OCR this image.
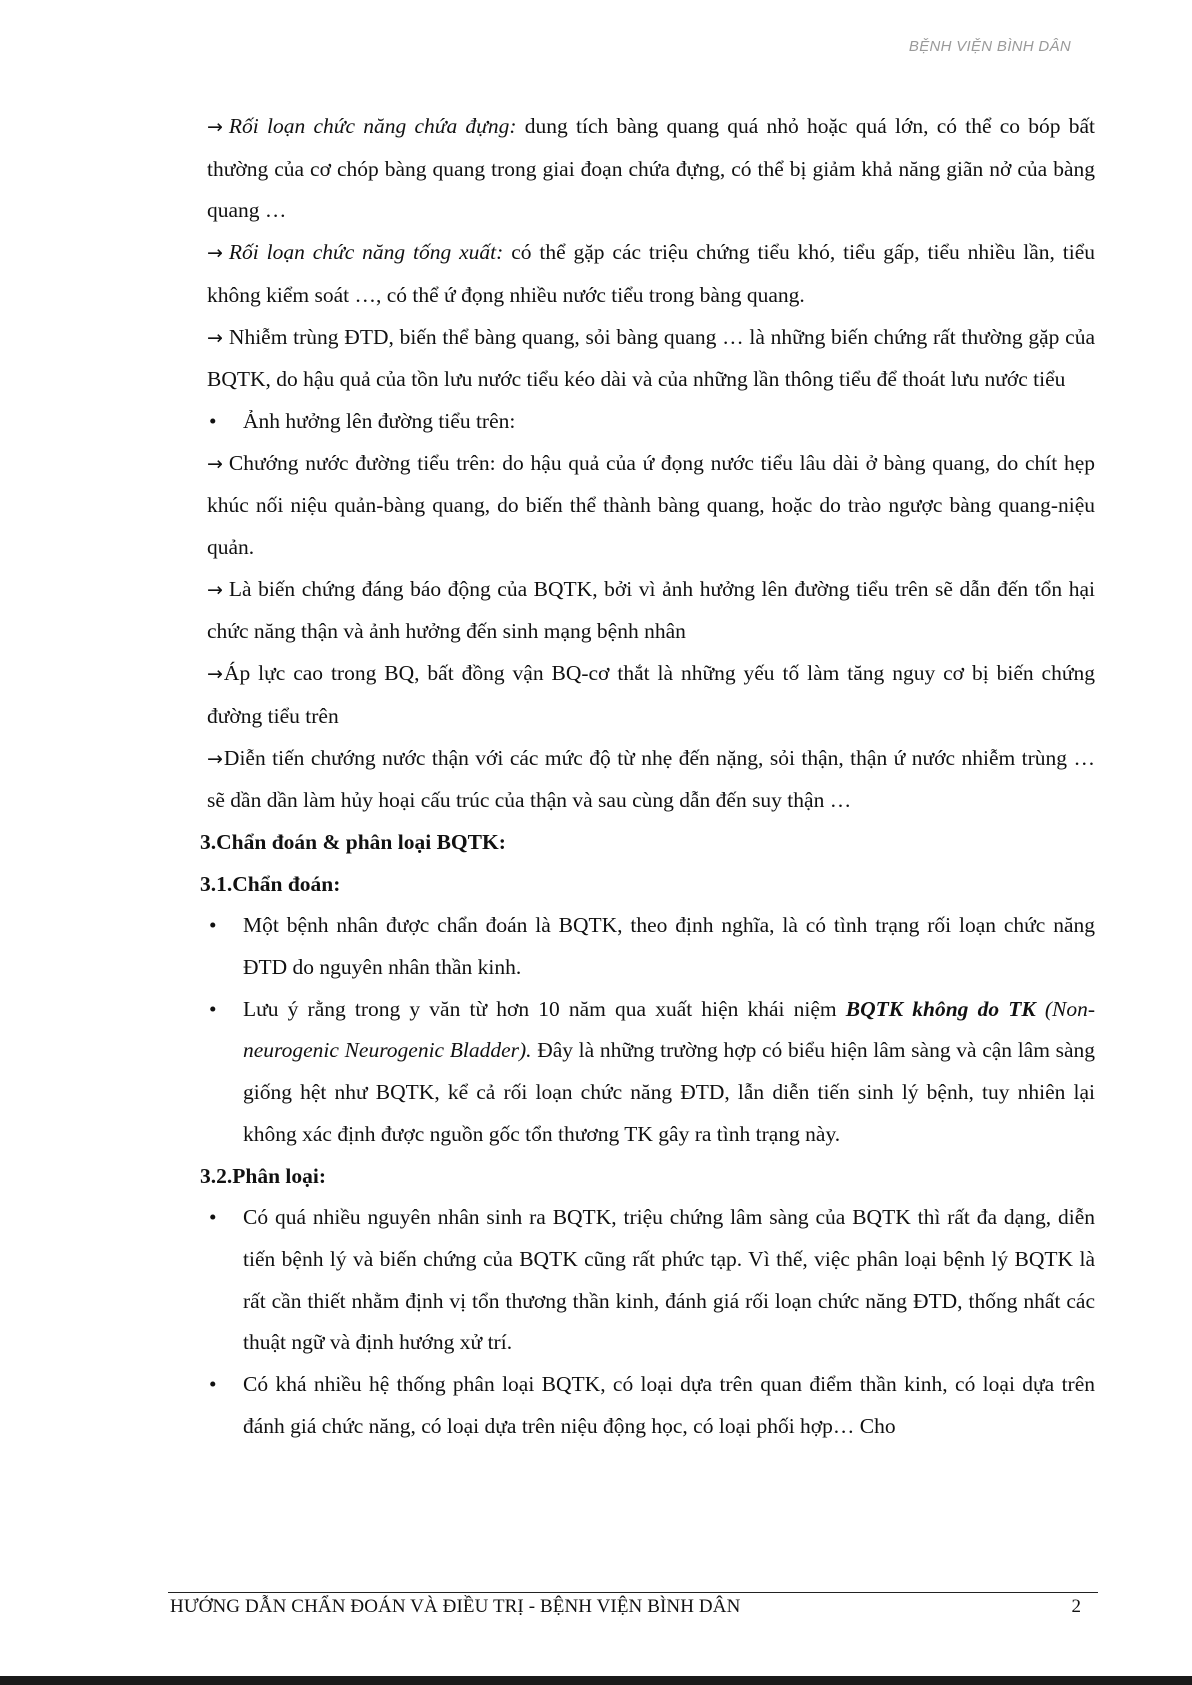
BỆNH VIỆN BÌNH DÂN
→ Rối loạn chức năng chứa đựng: dung tích bàng quang quá nhỏ hoặc quá lớn, có thể co bóp bất thường của cơ chóp bàng quang trong giai đoạn chứa đựng, có thể bị giảm khả năng giãn nở của bàng quang …
→ Rối loạn chức năng tống xuất: có thể gặp các triệu chứng tiểu khó, tiểu gấp, tiểu nhiều lần, tiểu không kiểm soát …, có thể ứ đọng nhiều nước tiểu trong bàng quang.
→ Nhiễm trùng ĐTD, biến thể bàng quang, sỏi bàng quang … là những biến chứng rất thường gặp của BQTK, do hậu quả của tồn lưu nước tiểu kéo dài và của những lần thông tiểu để thoát lưu nước tiểu
• Ảnh hưởng lên đường tiểu trên:
→ Chướng nước đường tiểu trên: do hậu quả của ứ đọng nước tiểu lâu dài ở bàng quang, do chít hẹp khúc nối niệu quản-bàng quang, do biến thể thành bàng quang, hoặc do trào ngược bàng quang-niệu quản.
→ Là biến chứng đáng báo động của BQTK, bởi vì ảnh hưởng lên đường tiểu trên sẽ dẫn đến tổn hại chức năng thận và ảnh hưởng đến sinh mạng bệnh nhân
→Áp lực cao trong BQ, bất đồng vận BQ-cơ thắt là những yếu tố làm tăng nguy cơ bị biến chứng đường tiểu trên
→Diễn tiến chướng nước thận với các mức độ từ nhẹ đến nặng, sỏi thận, thận ứ nước nhiễm trùng … sẽ dần dần làm hủy hoại cấu trúc của thận và sau cùng dẫn đến suy thận …
3.Chẩn đoán & phân loại BQTK:
3.1.Chẩn đoán:
• Một bệnh nhân được chẩn đoán là BQTK, theo định nghĩa, là có tình trạng rối loạn chức năng ĐTD do nguyên nhân thần kinh.
• Lưu ý rằng trong y văn từ hơn 10 năm qua xuất hiện khái niệm BQTK không do TK (Non-neurogenic Neurogenic Bladder). Đây là những trường hợp có biểu hiện lâm sàng và cận lâm sàng giống hệt như BQTK, kể cả rối loạn chức năng ĐTD, lẫn diễn tiến sinh lý bệnh, tuy nhiên lại không xác định được nguồn gốc tổn thương TK gây ra tình trạng này.
3.2.Phân loại:
• Có quá nhiều nguyên nhân sinh ra BQTK, triệu chứng lâm sàng của BQTK thì rất đa dạng, diễn tiến bệnh lý và biến chứng của BQTK cũng rất phức tạp. Vì thế, việc phân loại bệnh lý BQTK là rất cần thiết nhằm định vị tổn thương thần kinh, đánh giá rối loạn chức năng ĐTD, thống nhất các thuật ngữ và định hướng xử trí.
• Có khá nhiều hệ thống phân loại BQTK, có loại dựa trên quan điểm thần kinh, có loại dựa trên đánh giá chức năng, có loại dựa trên niệu động học, có loại phối hợp… Cho
HƯỚNG DẪN CHẨN ĐOÁN VÀ ĐIỀU TRỊ - BỆNH VIỆN BÌNH DÂN	2
